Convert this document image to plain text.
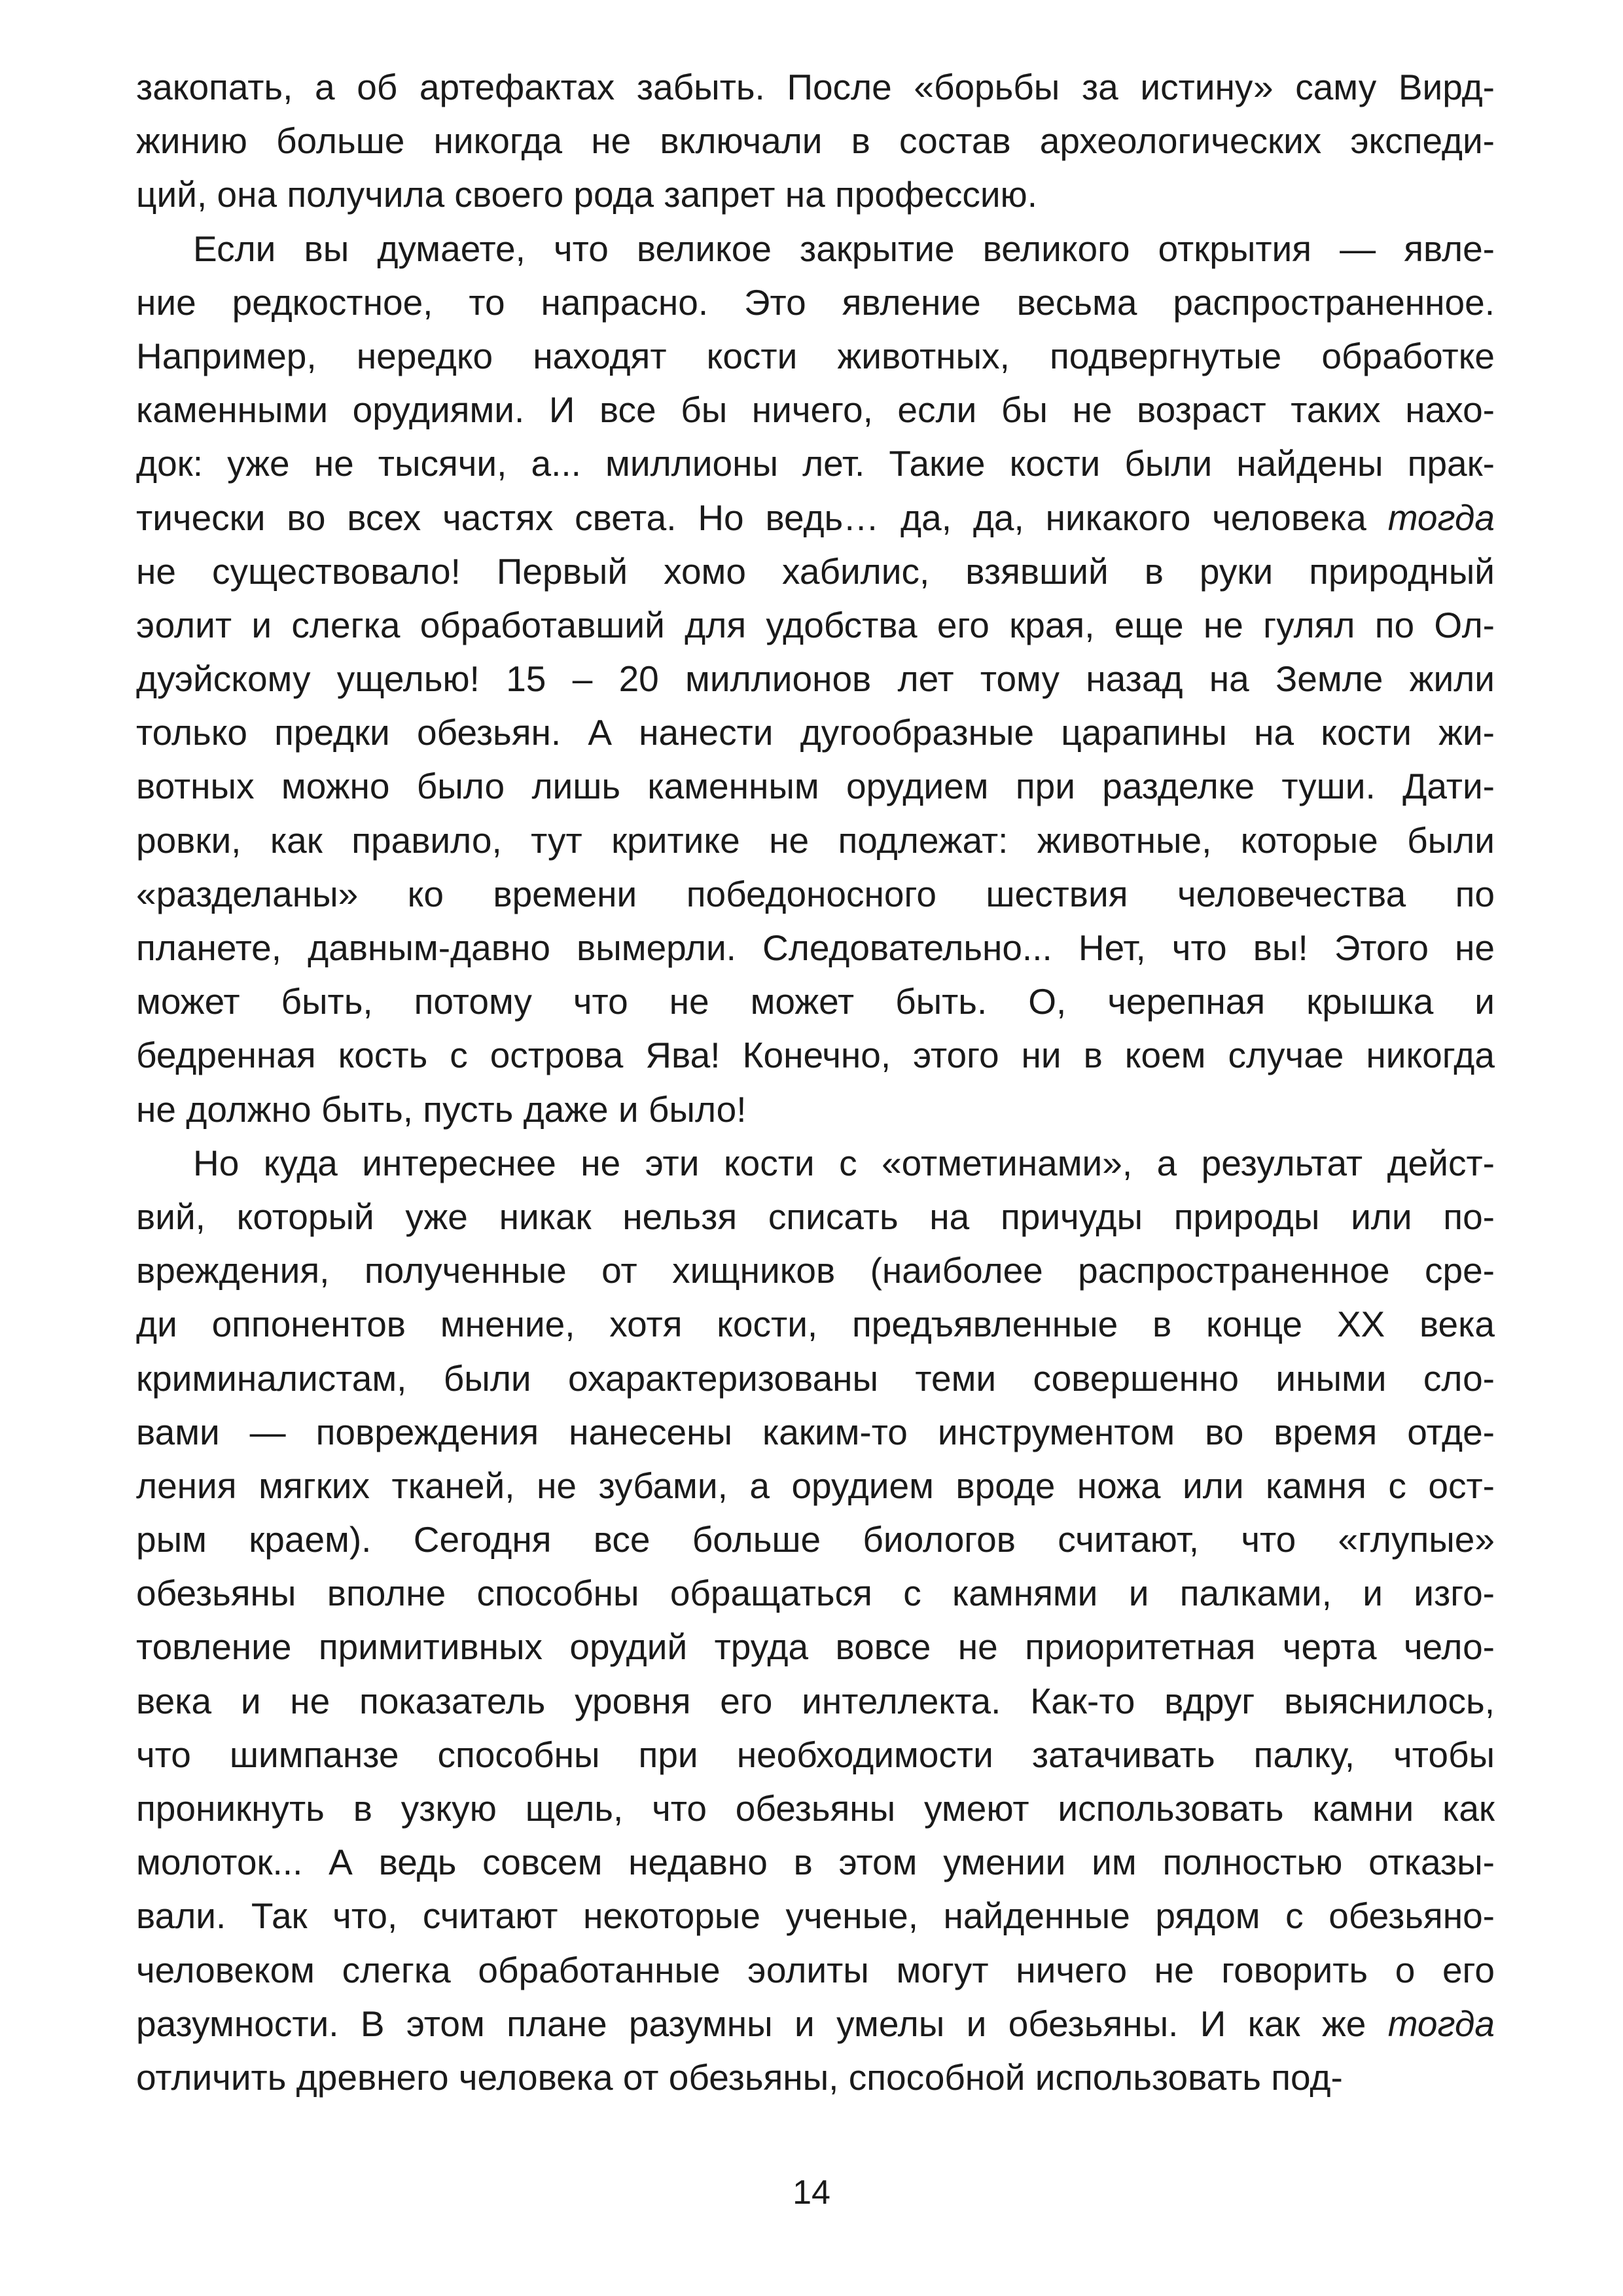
закопать, а об артефактах забыть. После «борьбы за истину» саму Вирд-
жинию больше никогда не включали в состав археологических экспеди-
ций, она получила своего рода запрет на профессию.
Если вы думаете, что великое закрытие великого открытия — явле-
ние редкостное, то напрасно. Это явление весьма распространенное.
Например, нередко находят кости животных, подвергнутые обработке
каменными орудиями. И все бы ничего, если бы не возраст таких нахо-
док: уже не тысячи, а... миллионы лет. Такие кости были найдены прак-
тически во всех частях света. Но ведь… да, да, никакого человека тогда
не существовало! Первый хомо хабилис, взявший в руки природный
эолит и слегка обработавший для удобства его края, еще не гулял по Ол-
дуэйскому ущелью! 15 – 20 миллионов лет тому назад на Земле жили
только предки обезьян. А нанести дугообразные царапины на кости жи-
вотных можно было лишь каменным орудием при разделке туши. Дати-
ровки, как правило, тут критике не подлежат: животные, которые были
«разделаны» ко времени победоносного шествия человечества по
планете, давным-давно вымерли. Следовательно... Нет, что вы! Этого не
может быть, потому что не может быть. О, черепная крышка и
бедренная кость с острова Ява! Конечно, этого ни в коем случае никогда
не должно быть, пусть даже и было!
Но куда интереснее не эти кости с «отметинами», а результат дейст-
вий, который уже никак нельзя списать на причуды природы или по-
вреждения, полученные от хищников (наиболее распространенное сре-
ди оппонентов мнение, хотя кости, предъявленные в конце XX века
криминалистам, были охарактеризованы теми совершенно иными сло-
вами — повреждения нанесены каким-то инструментом во время отде-
ления мягких тканей, не зубами, а орудием вроде ножа или камня с ост-
рым краем). Сегодня все больше биологов считают, что «глупые»
обезьяны вполне способны обращаться с камнями и палками, и изго-
товление примитивных орудий труда вовсе не приоритетная черта чело-
века и не показатель уровня его интеллекта. Как-то вдруг выяснилось,
что шимпанзе способны при необходимости затачивать палку, чтобы
проникнуть в узкую щель, что обезьяны умеют использовать камни как
молоток... А ведь совсем недавно в этом умении им полностью отказы-
вали. Так что, считают некоторые ученые, найденные рядом с обезьяно-
человеком слегка обработанные эолиты могут ничего не говорить о его
разумности. В этом плане разумны и умелы и обезьяны. И как же тогда
отличить древнего человека от обезьяны, способной использовать под-
14
